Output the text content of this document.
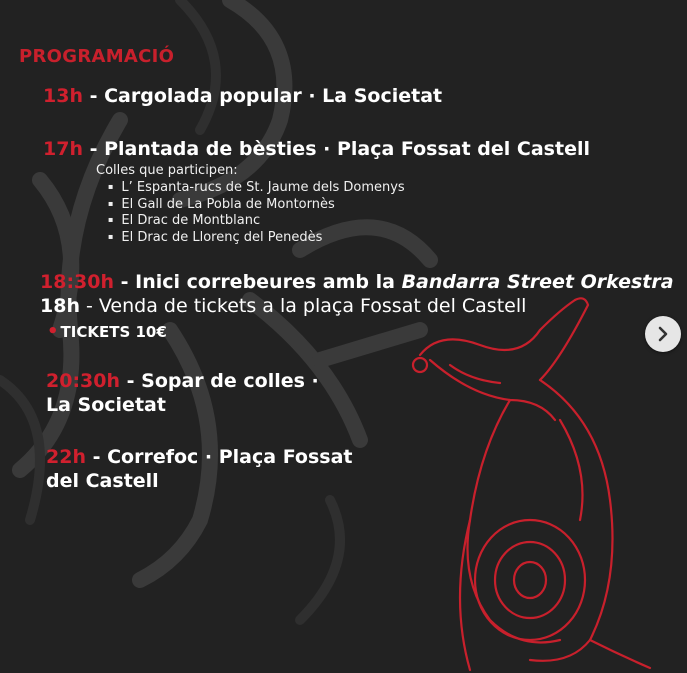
PROGRAMACIÓ
13h - Cargolada popular · La Societat
17h - Plantada de bèsties · Plaça Fossat del Castell
Colles que participen:
▪ L’ Espanta-rucs de St. Jaume dels Domenys
▪ El Gall de La Pobla de Montornès
▪ El Drac de Montblanc
▪ El Drac de Llorenç del Penedès
18:30h - Inici correbeures amb la Bandarra Street Orkestra
18h - Venda de tickets a la plaça Fossat del Castell
• TICKETS 10€
20:30h - Sopar de colles ·
La Societat
22h - Correfoc · Plaça Fossat
del Castell
